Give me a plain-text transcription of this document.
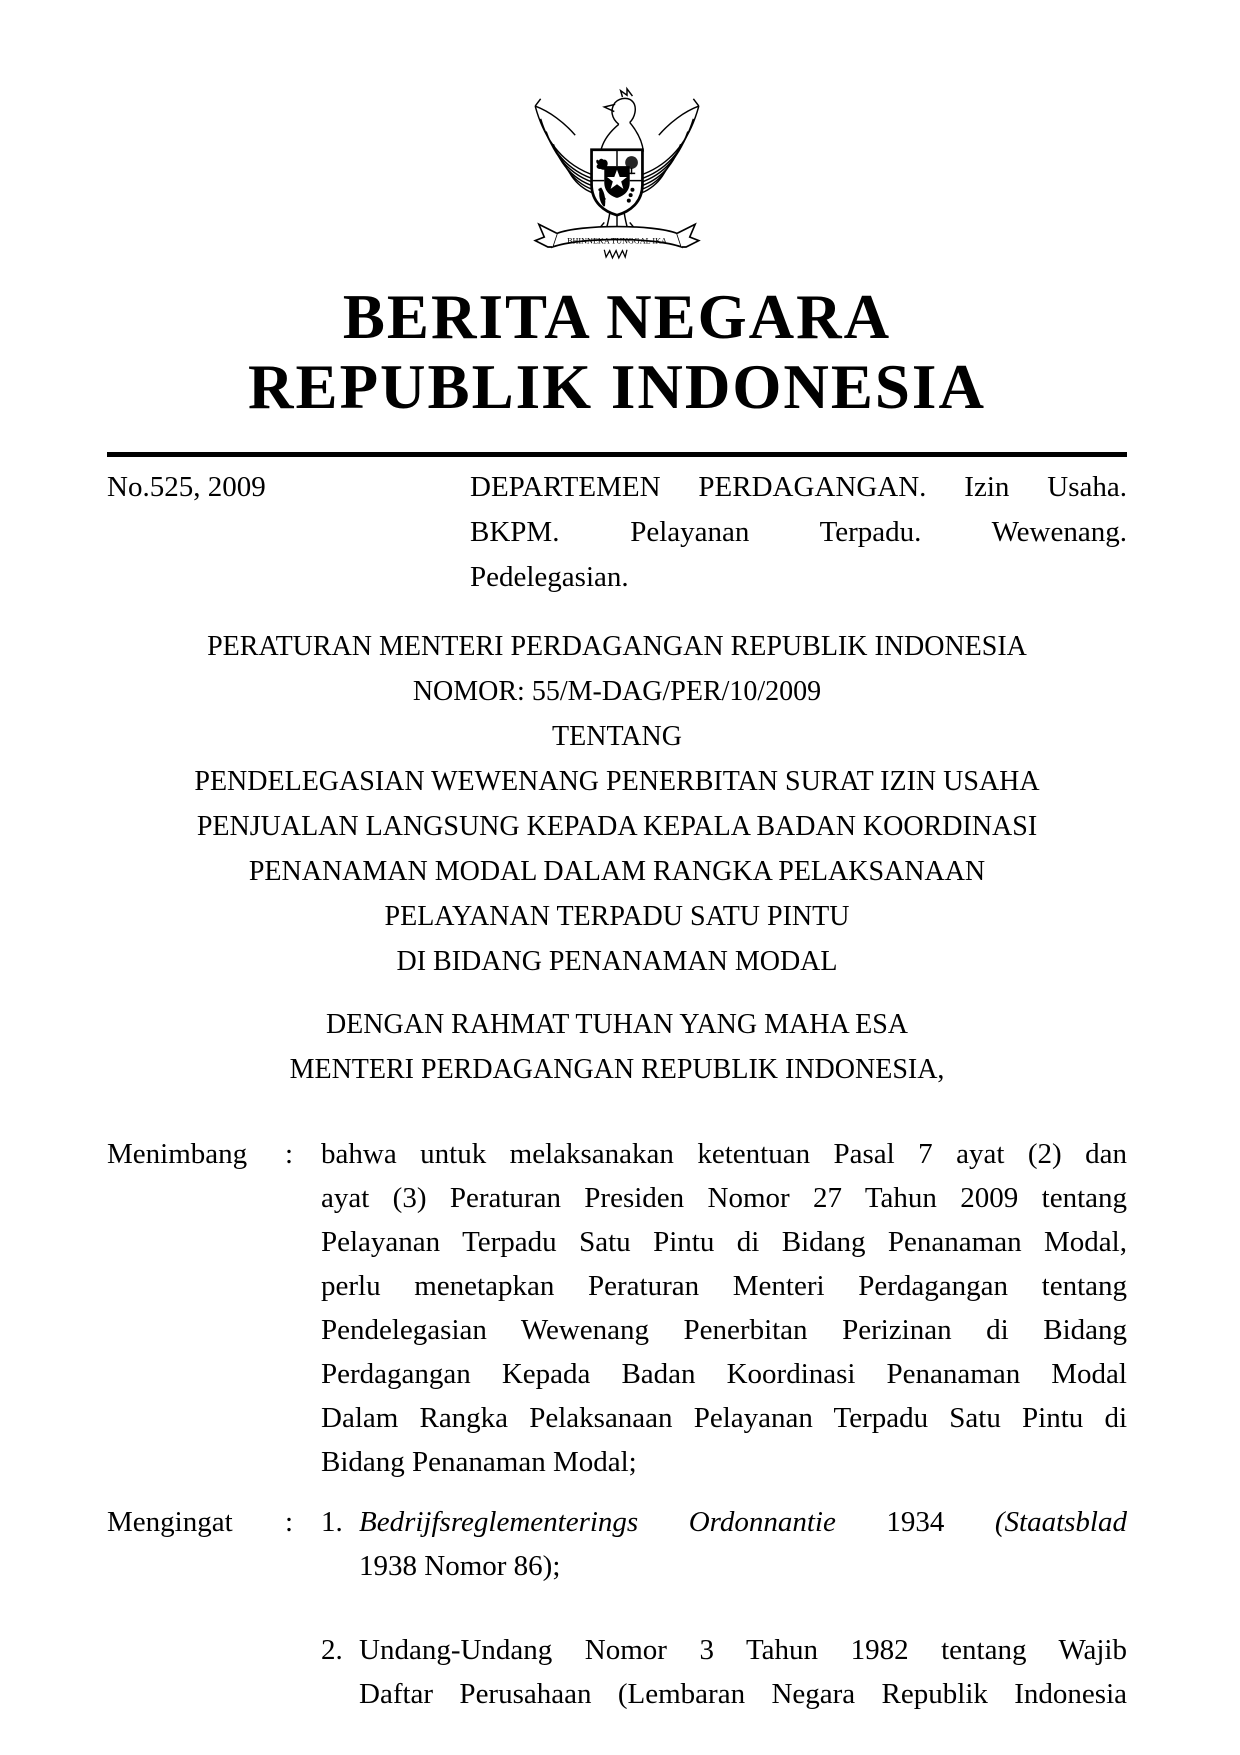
BHINNEKA TUNGGAL IKA
BERITA NEGARA
REPUBLIK INDONESIA
No.525, 2009	DEPARTEMEN PERDAGANGAN. Izin Usaha.
BKPM. Pelayanan Terpadu. Wewenang.
Pedelegasian.
PERATURAN MENTERI PERDAGANGAN REPUBLIK INDONESIA
NOMOR: 55/M-DAG/PER/10/2009
TENTANG
PENDELEGASIAN WEWENANG PENERBITAN SURAT IZIN USAHA
PENJUALAN LANGSUNG KEPADA KEPALA BADAN KOORDINASI
PENANAMAN MODAL DALAM RANGKA PELAKSANAAN
PELAYANAN TERPADU SATU PINTU
DI BIDANG PENANAMAN MODAL
DENGAN RAHMAT TUHAN YANG MAHA ESA
MENTERI PERDAGANGAN REPUBLIK INDONESIA,
Menimbang	: bahwa untuk melaksanakan ketentuan Pasal 7 ayat (2) dan
ayat (3) Peraturan Presiden Nomor 27 Tahun 2009 tentang
Pelayanan Terpadu Satu Pintu di Bidang Penanaman Modal,
perlu menetapkan Peraturan Menteri Perdagangan tentang
Pendelegasian Wewenang Penerbitan Perizinan di Bidang
Perdagangan Kepada Badan Koordinasi Penanaman Modal
Dalam Rangka Pelaksanaan Pelayanan Terpadu Satu Pintu di
Bidang Penanaman Modal;
Mengingat	: 1. Bedrijfsreglementerings Ordonnantie 1934 (Staatsblad
1938 Nomor 86);
2. Undang-Undang Nomor 3 Tahun 1982 tentang Wajib
Daftar Perusahaan (Lembaran Negara Republik Indonesia
